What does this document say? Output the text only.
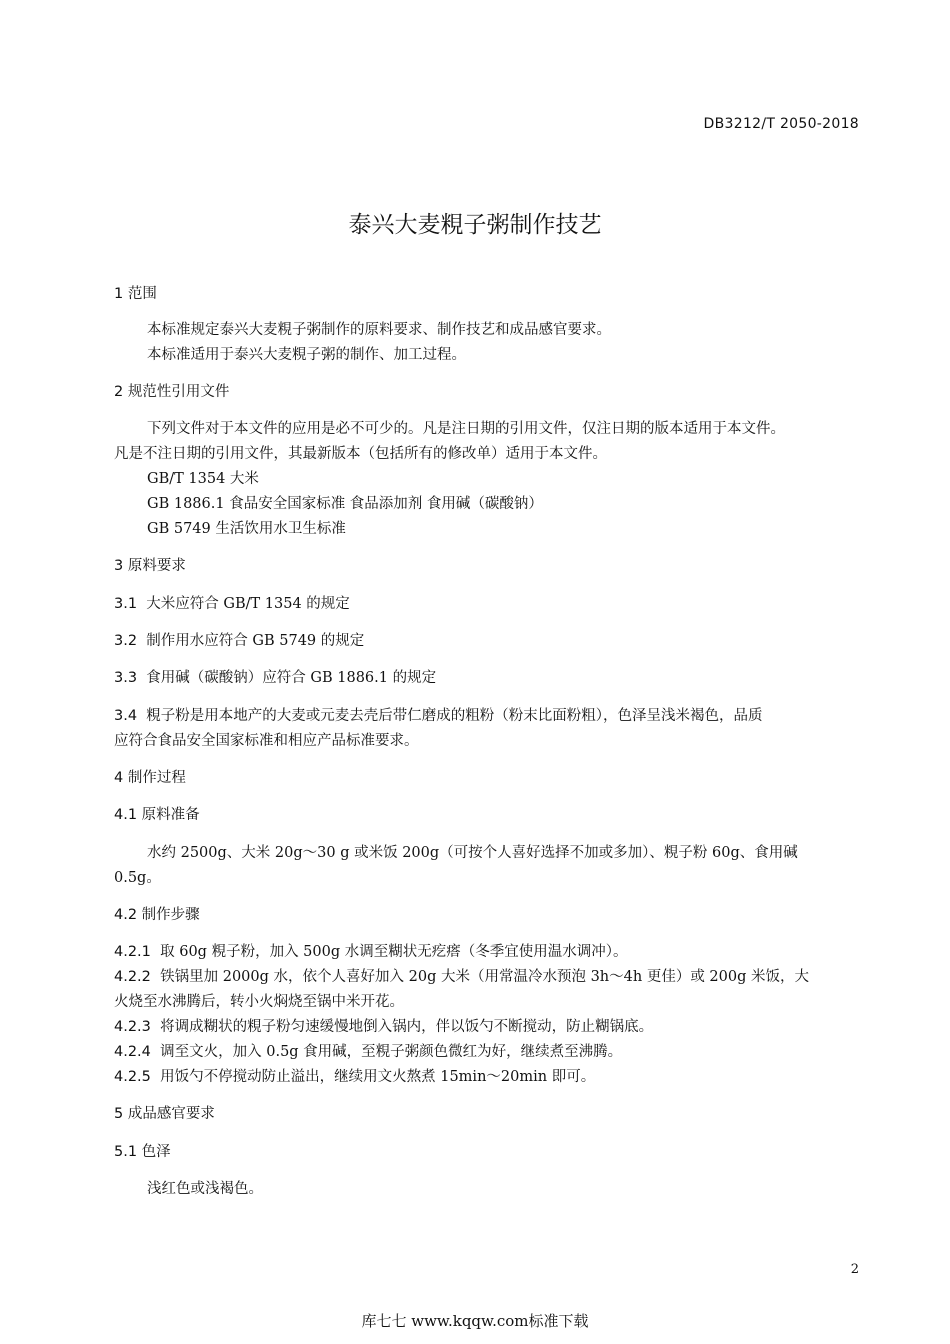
DB3212/T 2050-2018
泰兴大麦粯子粥制作技艺
1 范围
本标准规定泰兴大麦粯子粥制作的原料要求、制作技艺和成品感官要求。
本标准适用于泰兴大麦粯子粥的制作、加工过程。
2 规范性引用文件
下列文件对于本文件的应用是必不可少的。凡是注日期的引用文件，仅注日期的版本适用于本文件。
凡是不注日期的引用文件，其最新版本（包括所有的修改单）适用于本文件。
GB/T 1354 大米
GB 1886.1 食品安全国家标准 食品添加剂 食用碱（碳酸钠）
GB 5749 生活饮用水卫生标准
3 原料要求
3.1 大米应符合 GB/T 1354 的规定
3.2 制作用水应符合 GB 5749 的规定
3.3 食用碱（碳酸钠）应符合 GB 1886.1 的规定
3.4 粯子粉是用本地产的大麦或元麦去壳后带仁磨成的粗粉（粉末比面粉粗），色泽呈浅米褐色，品质
应符合食品安全国家标准和相应产品标准要求。
4 制作过程
4.1 原料准备
水约 2500g、大米 20g～30 g 或米饭 200g（可按个人喜好选择不加或多加）、粯子粉 60g、食用碱
0.5g。
4.2 制作步骤
4.2.1 取 60g 粯子粉，加入 500g 水调至糊状无疙瘩（冬季宜使用温水调冲）。
4.2.2 铁锅里加 2000g 水，依个人喜好加入 20g 大米（用常温冷水预泡 3h～4h 更佳）或 200g 米饭，大
火烧至水沸腾后，转小火焖烧至锅中米开花。
4.2.3 将调成糊状的粯子粉匀速缓慢地倒入锅内，伴以饭勺不断搅动，防止糊锅底。
4.2.4 调至文火，加入 0.5g 食用碱，至粯子粥颜色微红为好，继续煮至沸腾。
4.2.5 用饭勺不停搅动防止溢出，继续用文火熬煮 15min～20min 即可。
5 成品感官要求
5.1 色泽
浅红色或浅褐色。
2
库七七 www.kqqw.com标准下载
